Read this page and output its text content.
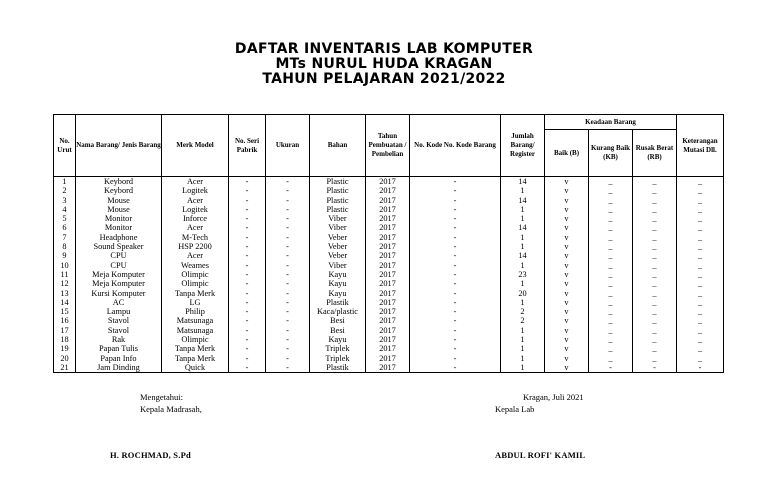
DAFTAR INVENTARIS LAB KOMPUTER
MTs NURUL HUDA KRAGAN
TAHUN PELAJARAN 2021/2022
No. Urut	Nama Barang/ Jenis Barang	Merk Model	No. Seri Pabrik	Ukuran	Bahan	Tahun Pembuatan / Pembelian	No. Kode No. Kode Barang	Jumlah Barang/ Register	Keadaan Barang			Keterangan Mutasi Dll.
									Baik (B)	Kurang Baik (KB)	Rusak Berat (RB)	
1	Keybord	Acer	-	-	Plastic	2017	-	14	v	_	_	_
2	Keybord	Logitek	-	-	Plastic	2017	-	1	v	_	_	_
3	Mouse	Acer	-	-	Plastic	2017	-	14	v	_	_	_
4	Mouse	Logitek	-	-	Plastic	2017	-	1	v	_	_	_
5	Monitor	Inforce	-	-	Viber	2017	-	1	v	_	_	_
6	Monitor	Acer	-	-	Viber	2017	-	14	v	_	_	_
7	Headphone	M-Tech	-	-	Veber	2017	-	1	v	_	_	_
8	Sound Speaker	HSP 2200	-	-	Veber	2017	-	1	v	_	_	_
9	CPU	Acer	-	-	Veber	2017	-	14	v	_	_	_
10	CPU	Weames	-	-	Viber	2017	-	1	v	_	_	_
11	Meja Komputer	Olimpic	-	-	Kayu	2017	-	23	v	_	_	_
12	Meja Komputer	Olimpic	-	-	Kayu	2017	-	1	v	_	_	_
13	Kursi Komputer	Tanpa Merk	-	-	Kayu	2017	-	20	v	_	_	_
14	AC	LG	-	-	Plastik	2017	-	1	v	_	_	_
15	Lampu	Philip	-	-	Kaca/plastic	2017	-	2	v	_	_	_
16	Stavol	Matsunaga	-	-	Besi	2017	-	2	v	_	_	_
17	Stavol	Matsunaga	-	-	Besi	2017	-	1	v	_	_	_
18	Rak	Olimpic	-	-	Kayu	2017	-	1	v	_	_	_
19	Papan Tulis	Tanpa Merk	-	-	Triplek	2017	-	1	v	_	_	_
20	Papan Info	Tanpa Merk	-	-	Triplek	2017	-	1	v	_	_	_
21	Jam Dinding	Quick	-	-	Plastik	2017	-	1	v	-	-	-
Mengetahui:
Kepala Madrasah,
H. ROCHMAD, S.Pd
Kragan, Juli 2021
Kepala Lab
ABDUL ROFI' KAMIL
